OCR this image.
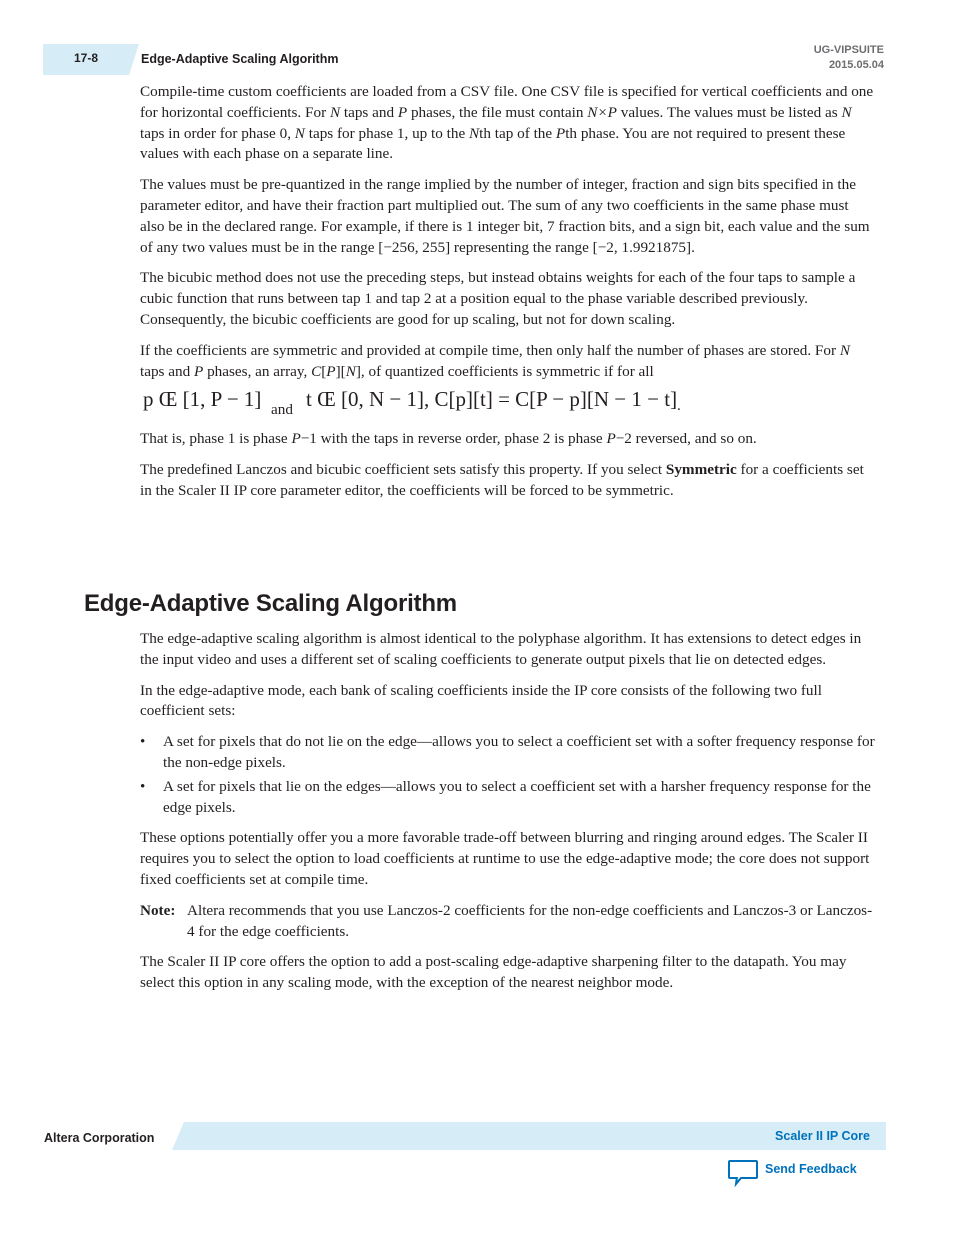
17-8	Edge-Adaptive Scaling Algorithm
UG-VIPSUITE
2015.05.04

Compile-time custom coefficients are loaded from a CSV file. One CSV file is specified for vertical coefficients and one for horizontal coefficients. For N taps and P phases, the file must contain N×P values. The values must be listed as N taps in order for phase 0, N taps for phase 1, up to the Nth tap of the Pth phase. You are not required to present these values with each phase on a separate line.

The values must be pre-quantized in the range implied by the number of integer, fraction and sign bits specified in the parameter editor, and have their fraction part multiplied out. The sum of any two coefficients in the same phase must also be in the declared range. For example, if there is 1 integer bit, 7 fraction bits, and a sign bit, each value and the sum of any two values must be in the range [−256, 255] representing the range [−2, 1.9921875].

The bicubic method does not use the preceding steps, but instead obtains weights for each of the four taps to sample a cubic function that runs between tap 1 and tap 2 at a position equal to the phase variable described previously. Consequently, the bicubic coefficients are good for up scaling, but not for down scaling.

If the coefficients are symmetric and provided at compile time, then only half the number of phases are stored. For N taps and P phases, an array, C[P][N], of quantized coefficients is symmetric if for all

p Œ [1, P − 1] and t Œ [0, N − 1], C[p][t] = C[P − p][N − 1 − t] .

That is, phase 1 is phase P−1 with the taps in reverse order, phase 2 is phase P−2 reversed, and so on.

The predefined Lanczos and bicubic coefficient sets satisfy this property. If you select Symmetric for a coefficients set in the Scaler II IP core parameter editor, the coefficients will be forced to be symmetric.

Edge-Adaptive Scaling Algorithm

The edge-adaptive scaling algorithm is almost identical to the polyphase algorithm. It has extensions to detect edges in the input video and uses a different set of scaling coefficients to generate output pixels that lie on detected edges.

In the edge-adaptive mode, each bank of scaling coefficients inside the IP core consists of the following two full coefficient sets:

• A set for pixels that do not lie on the edge—allows you to select a coefficient set with a softer frequency response for the non-edge pixels.
• A set for pixels that lie on the edges—allows you to select a coefficient set with a harsher frequency response for the edge pixels.

These options potentially offer you a more favorable trade-off between blurring and ringing around edges. The Scaler II requires you to select the option to load coefficients at runtime to use the edge-adaptive mode; the core does not support fixed coefficients set at compile time.

Note: Altera recommends that you use Lanczos-2 coefficients for the non-edge coefficients and Lanczos-3 or Lanczos-4 for the edge coefficients.

The Scaler II IP core offers the option to add a post-scaling edge-adaptive sharpening filter to the datapath. You may select this option in any scaling mode, with the exception of the nearest neighbor mode.

Altera Corporation	Scaler II IP Core
Send Feedback
